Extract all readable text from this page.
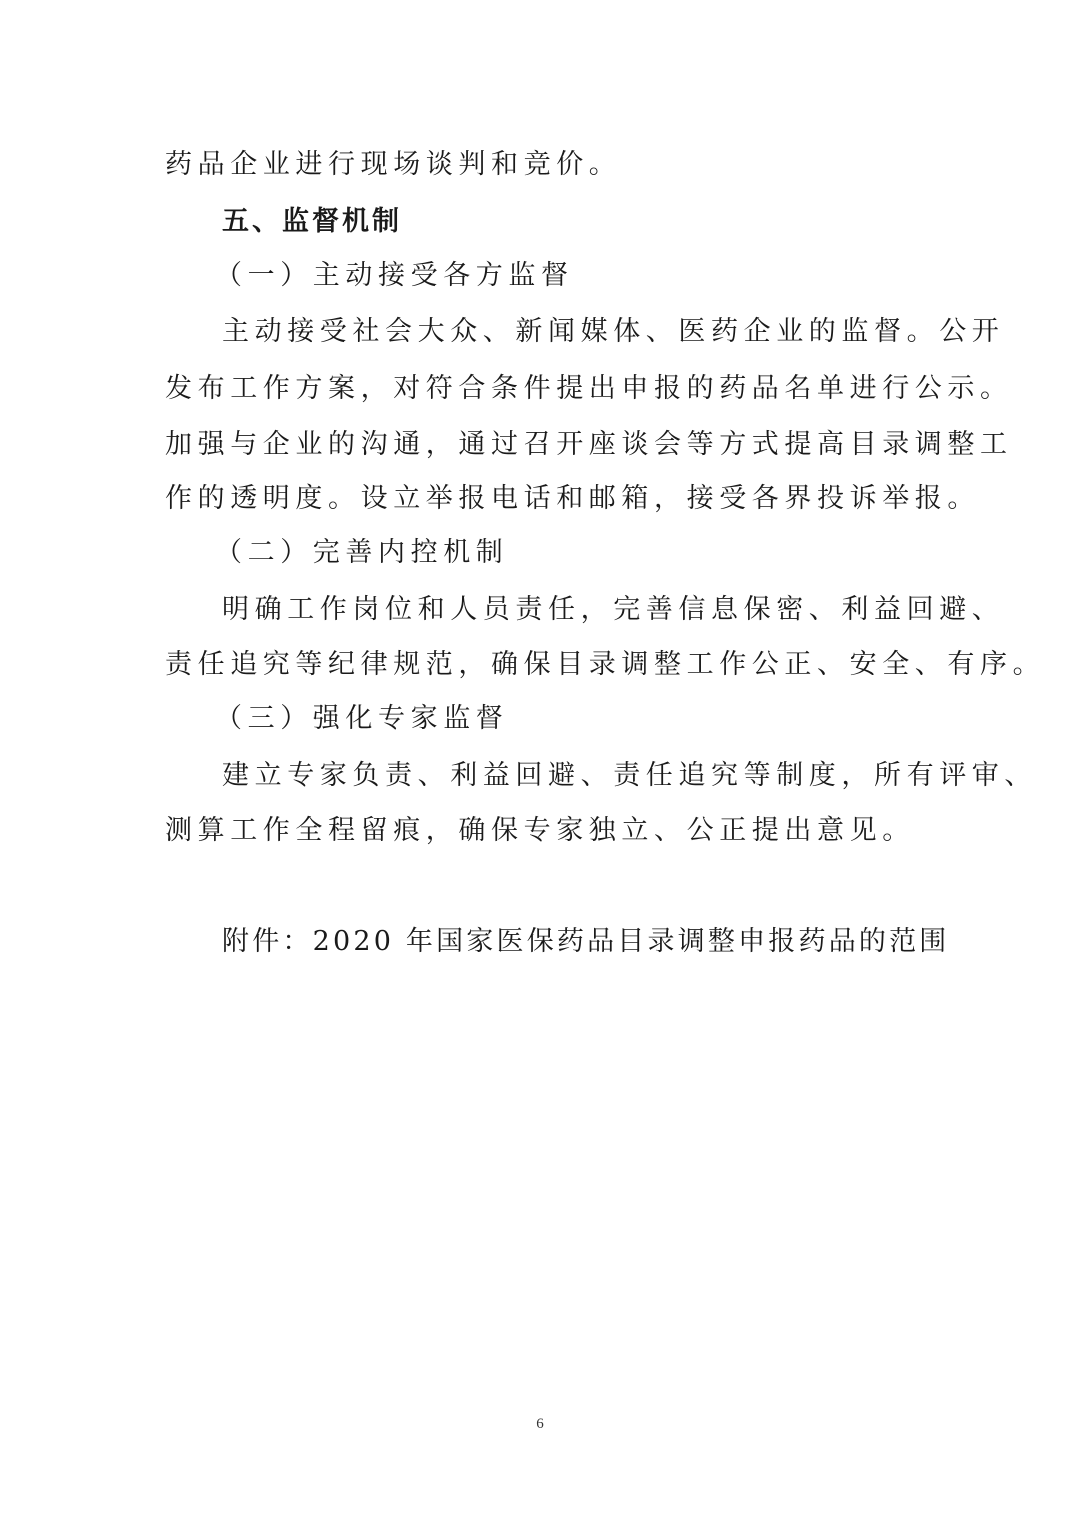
药品企业进行现场谈判和竞价。
五、监督机制
（一）主动接受各方监督
主动接受社会大众、新闻媒体、医药企业的监督。公开
发布工作方案，对符合条件提出申报的药品名单进行公示。
加强与企业的沟通，通过召开座谈会等方式提高目录调整工
作的透明度。设立举报电话和邮箱，接受各界投诉举报。
（二）完善内控机制
明确工作岗位和人员责任，完善信息保密、利益回避、
责任追究等纪律规范，确保目录调整工作公正、安全、有序。
（三）强化专家监督
建立专家负责、利益回避、责任追究等制度，所有评审、
测算工作全程留痕，确保专家独立、公正提出意见。
附件：2020 年国家医保药品目录调整申报药品的范围
6
